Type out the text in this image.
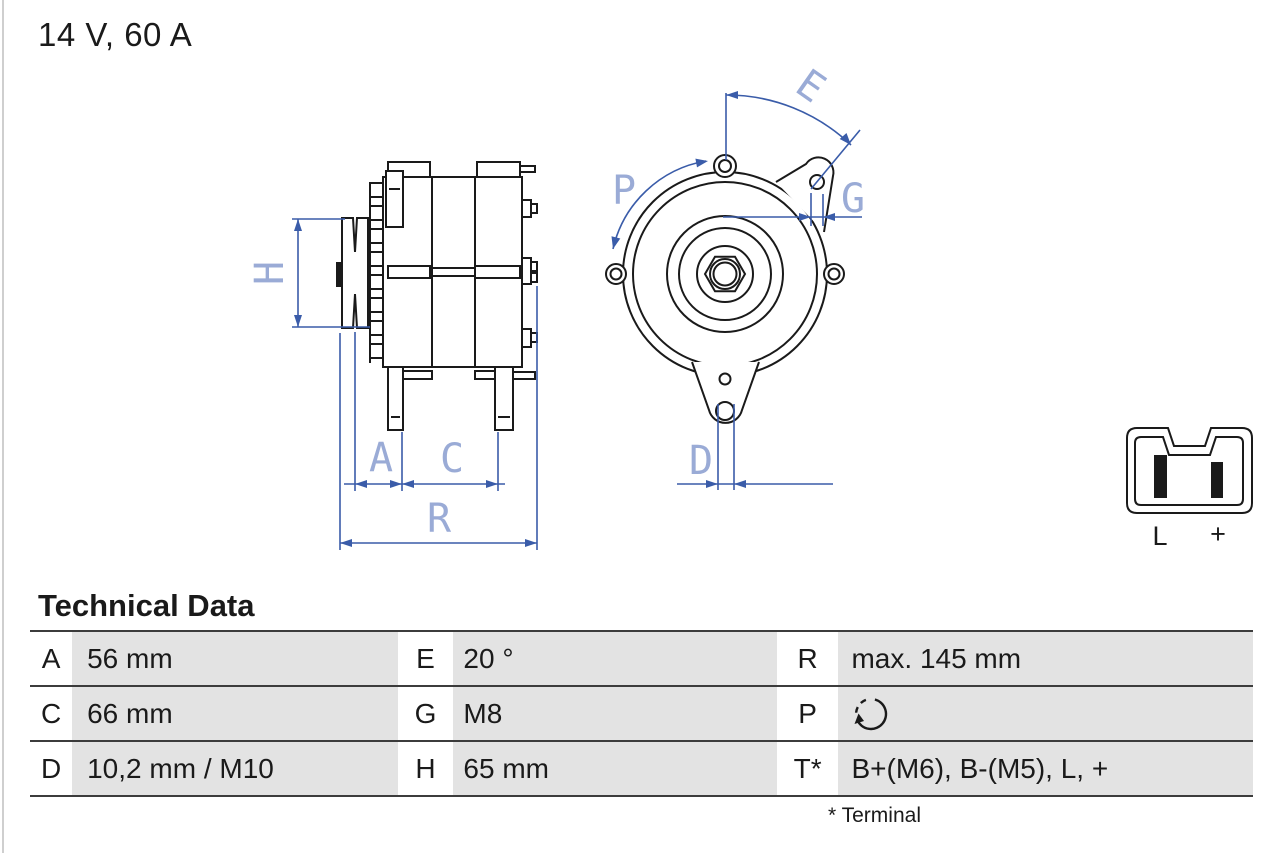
14 V, 60 A
H
A C
R
D
E
P	G
L +
Technical Data
A 56 mm	E	20 °	R	max. 145 mm
C 66 mm	G M8	P
D 10,2 mm / M10	H 65 mm	T*	B+(M6), B-(M5), L, +
* Terminal
